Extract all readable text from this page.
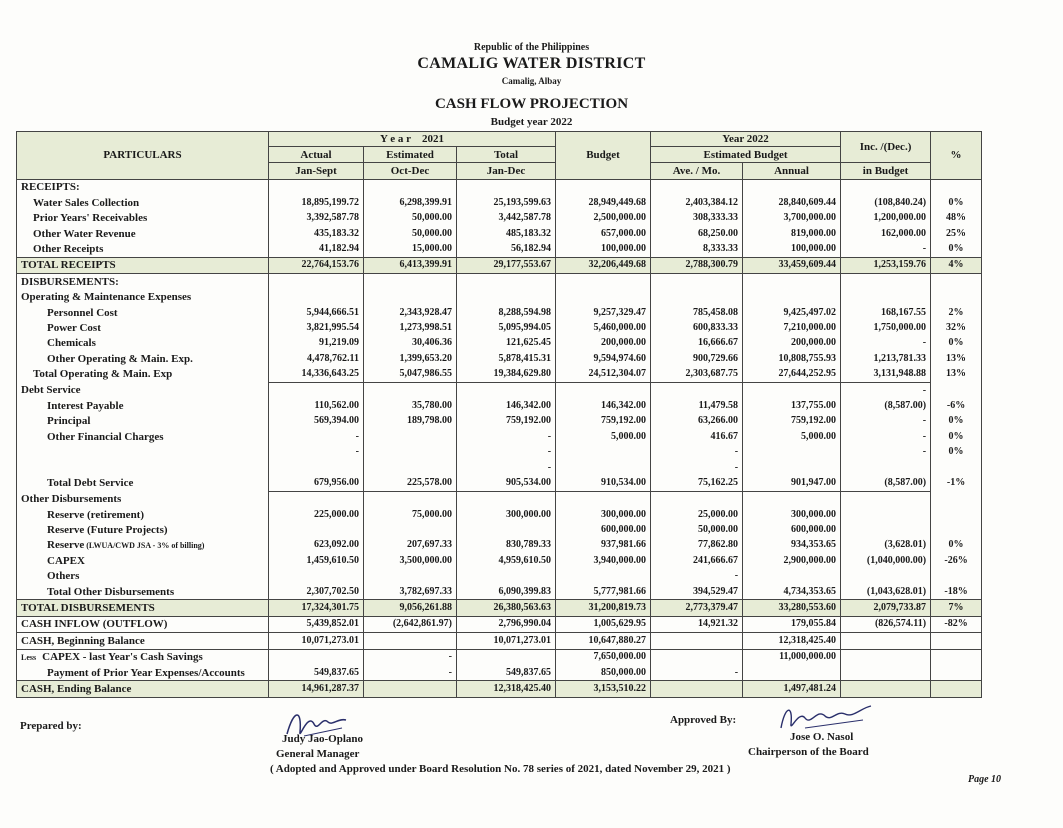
Republic of the Philippines
CAMALIG WATER DISTRICT
Camalig, Albay
CASH FLOW PROJECTION
Budget year 2022
PARTICULARS	Y e a r 2021			Budget	Year 2022		Inc. /(Dec.)	%
	Actual	Estimated	Total		Estimated Budget			
	Jan-Sept	Oct-Dec	Jan-Dec		Ave. / Mo.	Annual	in Budget	
RECEIPTS:								
Water Sales Collection	18,895,199.72	6,298,399.91	25,193,599.63	28,949,449.68	2,403,384.12	28,840,609.44	(108,840.24)	0%
Prior Years' Receivables	3,392,587.78	50,000.00	3,442,587.78	2,500,000.00	308,333.33	3,700,000.00	1,200,000.00	48%
Other Water Revenue	435,183.32	50,000.00	485,183.32	657,000.00	68,250.00	819,000.00	162,000.00	25%
Other Receipts	41,182.94	15,000.00	56,182.94	100,000.00	8,333.33	100,000.00	-	0%
TOTAL RECEIPTS	22,764,153.76	6,413,399.91	29,177,553.67	32,206,449.68	2,788,300.79	33,459,609.44	1,253,159.76	4%
DISBURSEMENTS:								
Operating & Maintenance Expenses								
Personnel Cost	5,944,666.51	2,343,928.47	8,288,594.98	9,257,329.47	785,458.08	9,425,497.02	168,167.55	2%
Power Cost	3,821,995.54	1,273,998.51	5,095,994.05	5,460,000.00	600,833.33	7,210,000.00	1,750,000.00	32%
Chemicals	91,219.09	30,406.36	121,625.45	200,000.00	16,666.67	200,000.00	-	0%
Other Operating & Main. Exp.	4,478,762.11	1,399,653.20	5,878,415.31	9,594,974.60	900,729.66	10,808,755.93	1,213,781.33	13%
Total Operating & Main. Exp	14,336,643.25	5,047,986.55	19,384,629.80	24,512,304.07	2,303,687.75	27,644,252.95	3,131,948.88	13%
Debt Service							-	
Interest Payable	110,562.00	35,780.00	146,342.00	146,342.00	11,479.58	137,755.00	(8,587.00)	-6%
Principal	569,394.00	189,798.00	759,192.00	759,192.00	63,266.00	759,192.00	-	0%
Other Financial Charges	-		-	5,000.00	416.67	5,000.00	-	0%
	-		-		-		-	0%
			-		-			
Total Debt Service	679,956.00	225,578.00	905,534.00	910,534.00	75,162.25	901,947.00	(8,587.00)	-1%
Other Disbursements								
Reserve (retirement)	225,000.00	75,000.00	300,000.00	300,000.00	25,000.00	300,000.00		
Reserve (Future Projects)				600,000.00	50,000.00	600,000.00		
Reserve (LWUA/CWD JSA - 3% of billing)	623,092.00	207,697.33	830,789.33	937,981.66	77,862.80	934,353.65	(3,628.01)	0%
CAPEX	1,459,610.50	3,500,000.00	4,959,610.50	3,940,000.00	241,666.67	2,900,000.00	(1,040,000.00)	-26%
Others					-			
Total Other Disbursements	2,307,702.50	3,782,697.33	6,090,399.83	5,777,981.66	394,529.47	4,734,353.65	(1,043,628.01)	-18%
TOTAL DISBURSEMENTS	17,324,301.75	9,056,261.88	26,380,563.63	31,200,819.73	2,773,379.47	33,280,553.60	2,079,733.87	7%
CASH INFLOW (OUTFLOW)	5,439,852.01	(2,642,861.97)	2,796,990.04	1,005,629.95	14,921.32	179,055.84	(826,574.11)	-82%
CASH, Beginning Balance	10,071,273.01		10,071,273.01	10,647,880.27		12,318,425.40		
Less CAPEX - last Year's Cash Savings		-		7,650,000.00		11,000,000.00		
Payment of Prior Year Expenses/Accounts	549,837.65	-	549,837.65	850,000.00	-			
CASH, Ending Balance	14,961,287.37		12,318,425.40	3,153,510.22		1,497,481.24		
Prepared by:
Judy Jao-Oplano
General Manager
( Adopted and Approved under Board Resolution No. 78 series of 2021, dated November 29, 2021 )
Approved By:
Jose O. Nasol
Chairperson of the Board
Page 10
